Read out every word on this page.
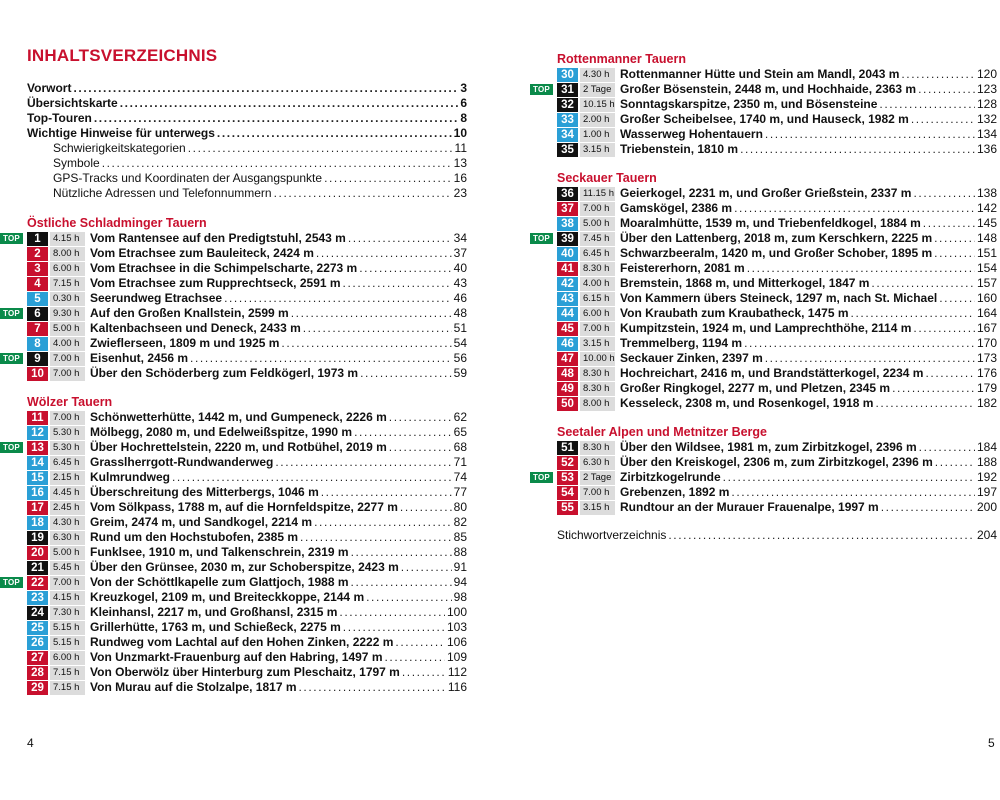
INHALTSVERZEICHNIS
Vorwort .....	3
Übersichtskarte .....	6
Top-Touren .....	8
Wichtige Hinweise für unterwegs .....	10
Schwierigkeitskategorien .....	11
Symbole .....	13
GPS-Tracks und Koordinaten der Ausgangspunkte .....	16
Nützliche Adressen und Telefonnummern .....	23
Östliche Schladminger Tauern
TOP	1	4.15 h Vom Rantensee auf den Predigtstuhl, 2543 m .....	34
2	8.00 h Vom Etrachsee zum Bauleiteck, 2424 m .....	37
3	6.00 h Vom Etrachsee in die Schimpelscharte, 2273 m .....	40
4	7.15 h Vom Etrachsee zum Rupprechtseck, 2591 m .....	43
5	0.30 h Seerundweg Etrachsee .....	46
TOP	6	9.30 h Auf den Großen Knallstein, 2599 m .....	48
7	5.00 h Kaltenbachseen und Deneck, 2433 m .....	51
8	4.00 h Zwieflerseen, 1809 m und 1925 m .....	54
TOP	9	7.00 h Eisenhut, 2456 m .....	56
10 7.00 h Über den Schöderberg zum Feldkögerl, 1973 m .....	59
Wölzer Tauern
11 7.00 h Schönwetterhütte, 1442 m, und Gumpeneck, 2226 m .....	62
12 5.30 h Mölbegg, 2080 m, und Edelweißspitze, 1990 m .....	65
TOP 13 5.30 h Über Hochrettelstein, 2220 m, und Rotbühel, 2019 m .....	68
14 6.45 h Grasslherrgott-Rundwanderweg .....	71
15 2.15 h Kulmrundweg .....	74
16 4.45 h Überschreitung des Mitterbergs, 1046 m .....	77
17 2.45 h Vom Sölkpass, 1788 m, auf die Hornfeldspitze, 2277 m .....	80
18 4.30 h Greim, 2474 m, und Sandkogel, 2214 m .....	82
19 6.30 h Rund um den Hochstubofen, 2385 m .....	85
20 5.00 h Funklsee, 1910 m, und Talkenschrein, 2319 m .....	88
21 5.45 h Über den Grünsee, 2030 m, zur Schoberspitze, 2423 m .....	91
TOP 22 7.00 h Von der Schöttlkapelle zum Glattjoch, 1988 m .....	94
23 4.15 h Kreuzkogel, 2109 m, und Breiteckkoppe, 2144 m .....	98
24 7.30 h Kleinhansl, 2217 m, und Großhansl, 2315 m .....	100
25 5.15 h Grillerhütte, 1763 m, und Schießeck, 2275 m .....	103
26 5.15 h Rundweg vom Lachtal auf den Hohen Zinken, 2222 m .....	106
27 6.00 h Von Unzmarkt-Frauenburg auf den Habring, 1497 m .....	109
28 7.15 h Von Oberwölz über Hinterburg zum Pleschaitz, 1797 m .....	112
29 7.15 h Von Murau auf die Stolzalpe, 1817 m .....	116
Rottenmanner Tauern
30 4.30 h Rottenmanner Hütte und Stein am Mandl, 2043 m .....	120
TOP 31 2 Tage Großer Bösenstein, 2448 m, und Hochhaide, 2363 m .....	123
32 10.15 h Sonntagskarspitze, 2350 m, und Bösensteine .....	128
33 2.00 h Großer Scheibelsee, 1740 m, und Hauseck, 1982 m .....	132
34 1.00 h Wasserweg Hohentauern .....	134
35 3.15 h Triebenstein, 1810 m .....	136
Seckauer Tauern
36 11.15 h Geierkogel, 2231 m, und Großer Grießstein, 2337 m .....	138
37 7.00 h Gamskögel, 2386 m .....	142
38 5.00 h Moaralmhütte, 1539 m, und Triebenfeldkogel, 1884 m .....	145
TOP 39 7.45 h Über den Lattenberg, 2018 m, zum Kerschkern, 2225 m .....	148
40 6.45 h Schwarzbeeralm, 1420 m, und Großer Schober, 1895 m .....	151
41 8.30 h Feistererhorn, 2081 m .....	154
42 4.00 h Bremstein, 1868 m, und Mitterkogel, 1847 m .....	157
43 6.15 h Von Kammern übers Steineck, 1297 m, nach St. Michael .....	160
44 6.00 h Von Kraubath zum Kraubatheck, 1475 m .....	164
45 7.00 h Kumpitzstein, 1924 m, und Lamprechthöhe, 2114 m .....	167
46 3.15 h Tremmelberg, 1194 m .....	170
47 10.00 h Seckauer Zinken, 2397 m .....	173
48 8.30 h Hochreichart, 2416 m, und Brandstätterkogel, 2234 m .....	176
49 8.30 h Großer Ringkogel, 2277 m, und Pletzen, 2345 m .....	179
50 8.00 h Kesseleck, 2308 m, und Rosenkogel, 1918 m .....	182
Seetaler Alpen und Metnitzer Berge
51 8.30 h Über den Wildsee, 1981 m, zum Zirbitzkogel, 2396 m .....	184
52 6.30 h Über den Kreiskogel, 2306 m, zum Zirbitzkogel, 2396 m .....	188
TOP 53 2 Tage Zirbitzkogelrunde .....	192
54 7.00 h Grebenzen, 1892 m .....	197
55 3.15 h Rundtour an der Murauer Frauenalpe, 1997 m .....	200
Stichwortverzeichnis .....	204
4	5
